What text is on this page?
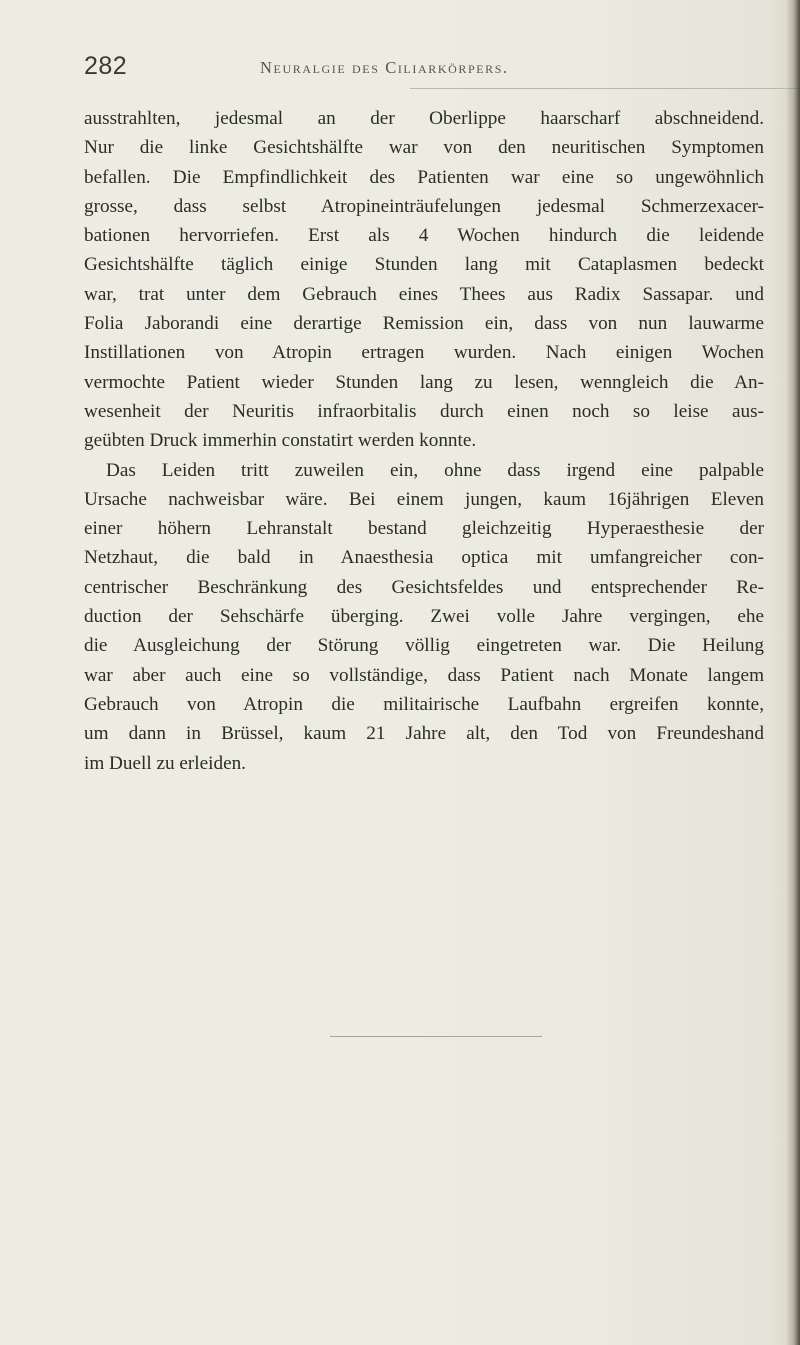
282	Neuralgie des Ciliarkörpers.
ausstrahlten, jedesmal an der Oberlippe haarscharf abschneidend.
Nur die linke Gesichtshälfte war von den neuritischen Symptomen
befallen. Die Empfindlichkeit des Patienten war eine so ungewöhnlich
grosse, dass selbst Atropineinträufelungen jedesmal Schmerzexacer-
bationen hervorriefen. Erst als 4 Wochen hindurch die leidende
Gesichtshälfte täglich einige Stunden lang mit Cataplasmen bedeckt
war, trat unter dem Gebrauch eines Thees aus Radix Sassapar. und
Folia Jaborandi eine derartige Remission ein, dass von nun lauwarme
Instillationen von Atropin ertragen wurden. Nach einigen Wochen
vermochte Patient wieder Stunden lang zu lesen, wenngleich die An-
wesenheit der Neuritis infraorbitalis durch einen noch so leise aus-
geübten Druck immerhin constatirt werden konnte.
Das Leiden tritt zuweilen ein, ohne dass irgend eine palpable
Ursache nachweisbar wäre. Bei einem jungen, kaum 16jährigen Eleven
einer höhern Lehranstalt bestand gleichzeitig Hyperaesthesie der
Netzhaut, die bald in Anaesthesia optica mit umfangreicher con-
centrischer Beschränkung des Gesichtsfeldes und entsprechender Re-
duction der Sehschärfe überging. Zwei volle Jahre vergingen, ehe
die Ausgleichung der Störung völlig eingetreten war. Die Heilung
war aber auch eine so vollständige, dass Patient nach Monate langem
Gebrauch von Atropin die militairische Laufbahn ergreifen konnte,
um dann in Brüssel, kaum 21 Jahre alt, den Tod von Freundeshand
im Duell zu erleiden.
